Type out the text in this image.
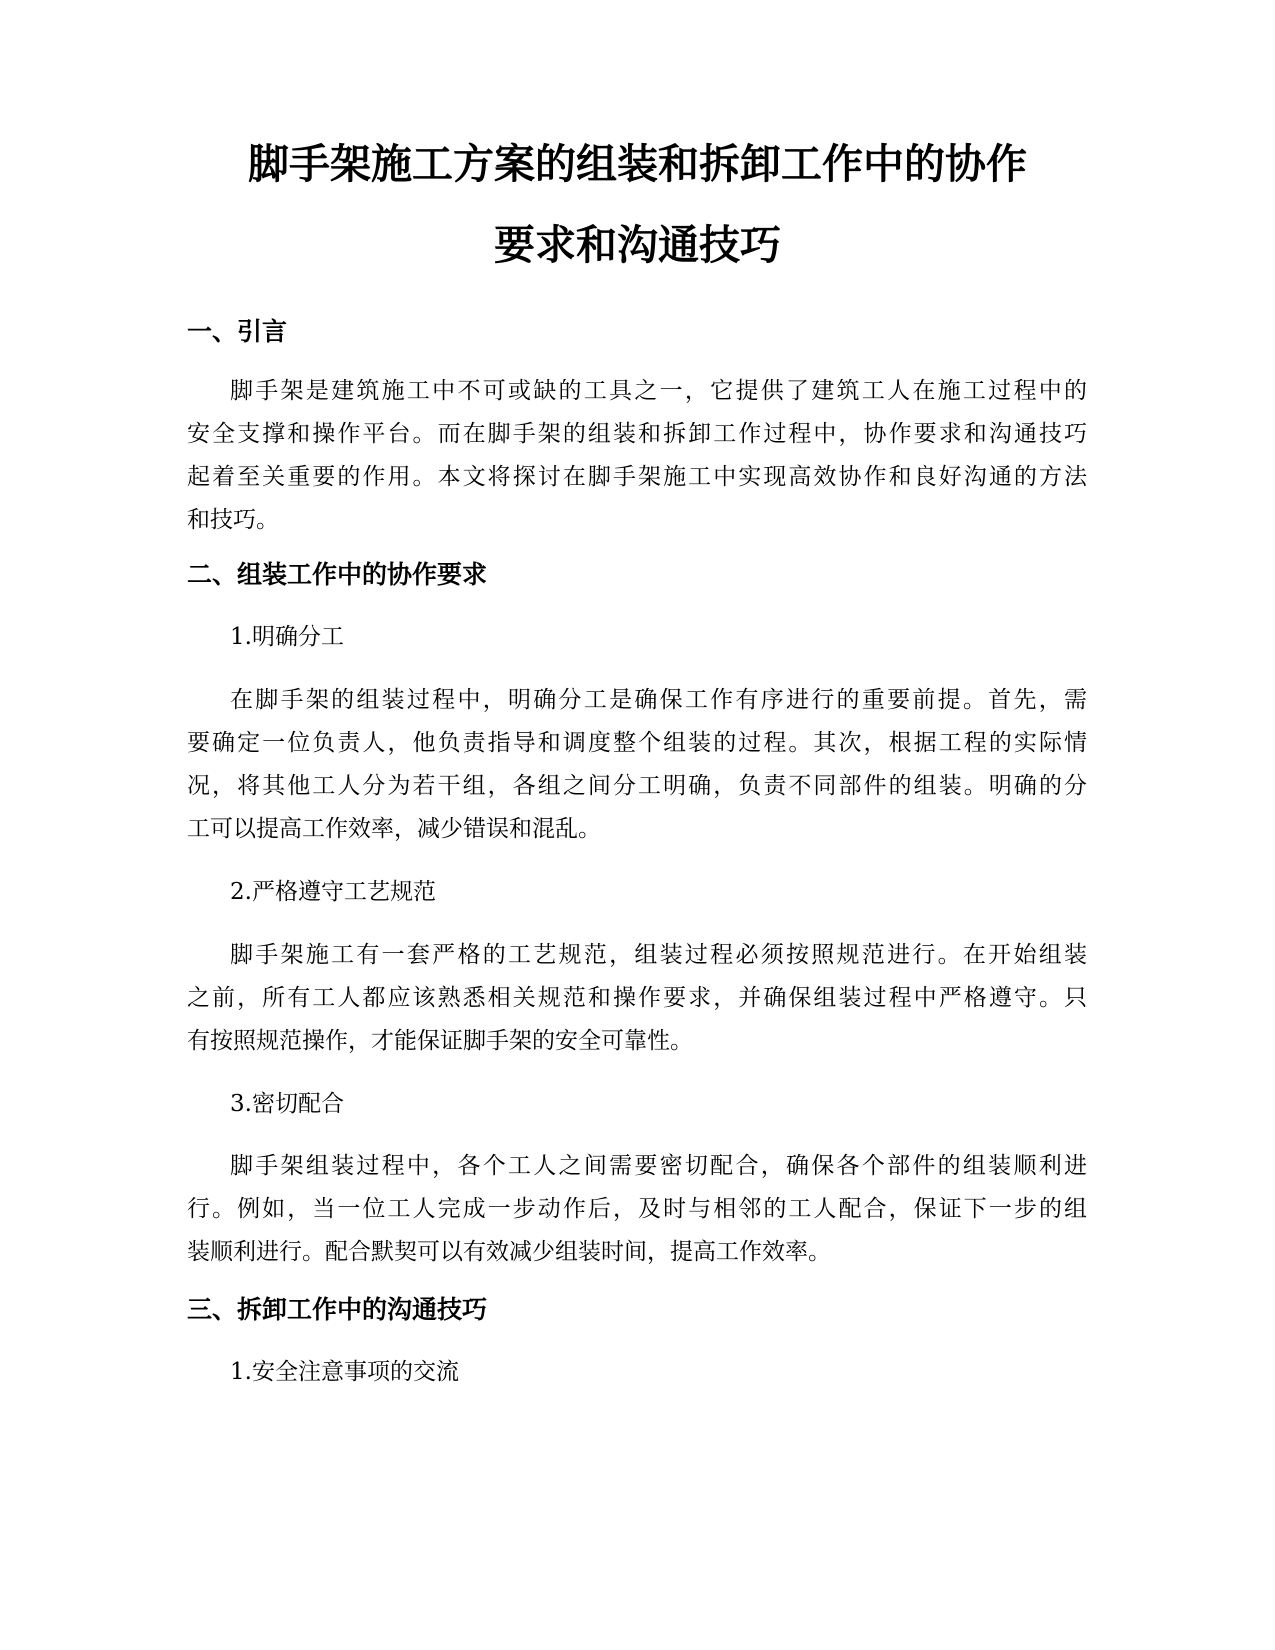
脚手架施工方案的组装和拆卸工作中的协作
要求和沟通技巧
一、引言
脚手架是建筑施工中不可或缺的工具之一，它提供了建筑工人在施工过程中的
安全支撑和操作平台。而在脚手架的组装和拆卸工作过程中，协作要求和沟通技巧
起着至关重要的作用。本文将探讨在脚手架施工中实现高效协作和良好沟通的方法
和技巧。
二、组装工作中的协作要求

1.明确分工

在脚手架的组装过程中，明确分工是确保工作有序进行的重要前提。首先，需
要确定一位负责人，他负责指导和调度整个组装的过程。其次，根据工程的实际情
况，将其他工人分为若干组，各组之间分工明确，负责不同部件的组装。明确的分
工可以提高工作效率，减少错误和混乱。

2.严格遵守工艺规范

脚手架施工有一套严格的工艺规范，组装过程必须按照规范进行。在开始组装
之前，所有工人都应该熟悉相关规范和操作要求，并确保组装过程中严格遵守。只
有按照规范操作，才能保证脚手架的安全可靠性。

3.密切配合

脚手架组装过程中，各个工人之间需要密切配合，确保各个部件的组装顺利进
行。例如，当一位工人完成一步动作后，及时与相邻的工人配合，保证下一步的组
装顺利进行。配合默契可以有效减少组装时间，提高工作效率。
三、拆卸工作中的沟通技巧

1.安全注意事项的交流
